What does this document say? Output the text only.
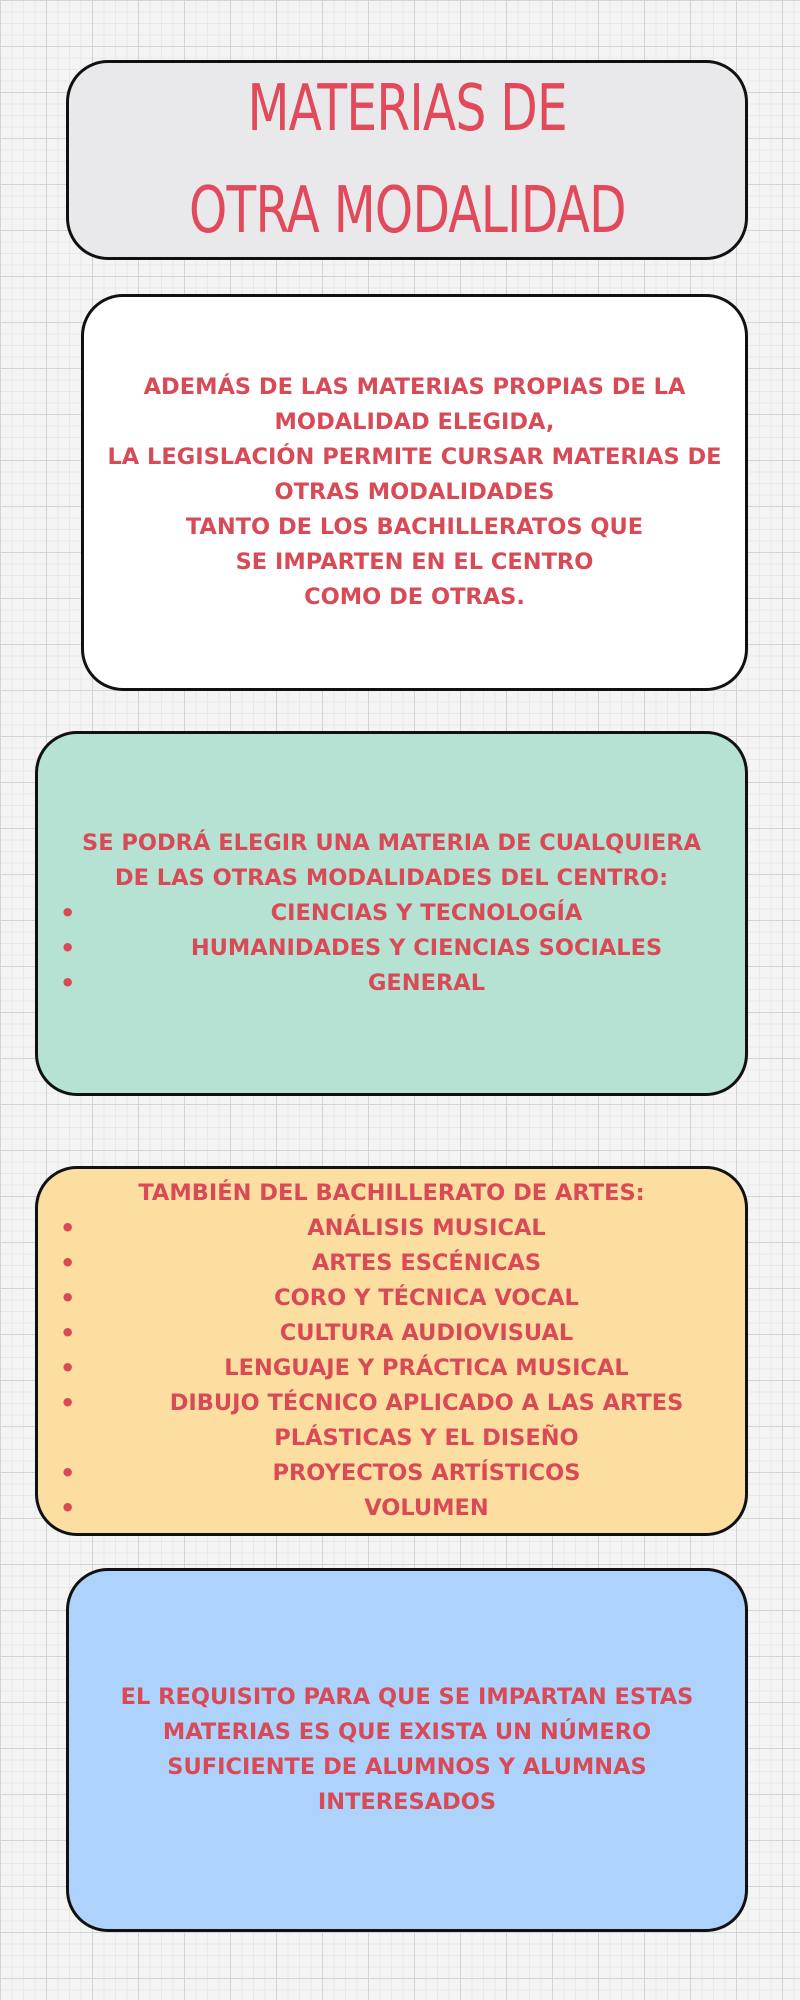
MATERIAS DE
OTRA MODALIDAD

ADEMÁS DE LAS MATERIAS PROPIAS DE LA

MODALIDAD ELEGIDA,

LA LEGISLACIÓN PERMITE CURSAR MATERIAS DE

OTRAS MODALIDADES

TANTO DE LOS BACHILLERATOS QUE

SE IMPARTEN EN EL CENTRO

COMO DE OTRAS.

SE PODRÁ ELEGIR UNA MATERIA DE CUALQUIERA DE LAS OTRAS MODALIDADES DEL CENTRO:

• CIENCIAS Y TECNOLOGÍA
• HUMANIDADES Y CIENCIAS SOCIALES
• GENERAL

TAMBIÉN DEL BACHILLERATO DE ARTES:

• ANÁLISIS MUSICAL
• ARTES ESCÉNICAS
• CORO Y TÉCNICA VOCAL
• CULTURA AUDIOVISUAL
• LENGUAJE Y PRÁCTICA MUSICAL
• DIBUJO TÉCNICO APLICADO A LAS ARTES PLÁSTICAS Y EL DISEÑO
• PROYECTOS ARTÍSTICOS
• VOLUMEN

EL REQUISITO PARA QUE SE IMPARTAN ESTAS MATERIAS ES QUE EXISTA UN NÚMERO SUFICIENTE DE ALUMNOS Y ALUMNAS INTERESADOS
